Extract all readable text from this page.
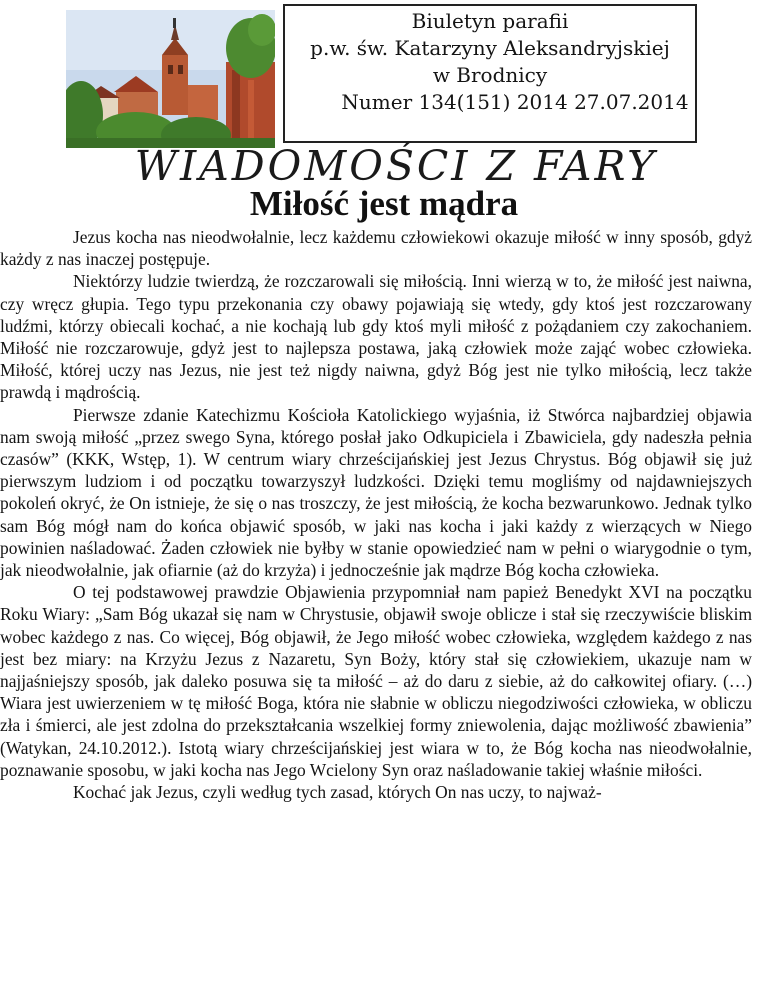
Biuletyn parafii
p.w. św. Katarzyny Aleksandryjskiej
w Brodnicy
Numer 134(151) 2014 27.07.2014
WIADOMOŚCI Z FARY
Miłość jest mądra

Jezus kocha nas nieodwołalnie, lecz każdemu człowiekowi okazuje miłość w inny sposób, gdyż każdy z nas inaczej postępuje.

Niektórzy ludzie twierdzą, że rozczarowali się miłością. Inni wierzą w to, że miłość jest naiwna, czy wręcz głupia. Tego typu przekonania czy obawy pojawiają się wtedy, gdy ktoś jest rozczarowany ludźmi, którzy obiecali kochać, a nie kochają lub gdy ktoś myli miłość z pożądaniem czy zakochaniem. Miłość nie rozczarowuje, gdyż jest to najlepsza postawa, jaką człowiek może zająć wobec człowieka. Miłość, której uczy nas Jezus, nie jest też nigdy naiwna, gdyż Bóg jest nie tylko miłością, lecz także prawdą i mądrością.

Pierwsze zdanie Katechizmu Kościoła Katolickiego wyjaśnia, iż Stwórca najbardziej objawia nam swoją miłość „przez swego Syna, którego posłał jako Odkupiciela i Zbawiciela, gdy nadeszła pełnia czasów” (KKK, Wstęp, 1). W centrum wiary chrześcijańskiej jest Jezus Chrystus. Bóg objawił się już pierwszym ludziom i od początku towarzyszył ludzkości. Dzięki temu mogliśmy od najdawniejszych pokoleń okryć, że On istnieje, że się o nas troszczy, że jest miłością, że kocha bezwarunkowo. Jednak tylko sam Bóg mógł nam do końca objawić sposób, w jaki nas kocha i jaki każdy z wierzących w Niego powinien naśladować. Żaden człowiek nie byłby w stanie opowiedzieć nam w pełni o wiarygodnie o tym, jak nieodwołalnie, jak ofiarnie (aż do krzyża) i jednocześnie jak mądrze Bóg kocha człowieka.

O tej podstawowej prawdzie Objawienia przypomniał nam papież Benedykt XVI na początku Roku Wiary: „Sam Bóg ukazał się nam w Chrystusie, objawił swoje oblicze i stał się rzeczywiście bliskim wobec każdego z nas. Co więcej, Bóg objawił, że Jego miłość wobec człowieka, względem każdego z nas jest bez miary: na Krzyżu Jezus z Nazaretu, Syn Boży, który stał się człowiekiem, ukazuje nam w najjaśniejszy sposób, jak daleko posuwa się ta miłość – aż do daru z siebie, aż do całkowitej ofiary. (…) Wiara jest uwierzeniem w tę miłość Boga, która nie słabnie w obliczu niegodziwości człowieka, w obliczu zła i śmierci, ale jest zdolna do przekształcania wszelkiej formy zniewolenia, dając możliwość zbawienia” (Watykan, 24.10.2012.). Istotą wiary chrześcijańskiej jest wiara w to, że Bóg kocha nas nieodwołalnie, poznawanie sposobu, w jaki kocha nas Jego Wcielony Syn oraz naśladowanie takiej właśnie miłości.

Kochać jak Jezus, czyli według tych zasad, których On nas uczy, to najważ-
